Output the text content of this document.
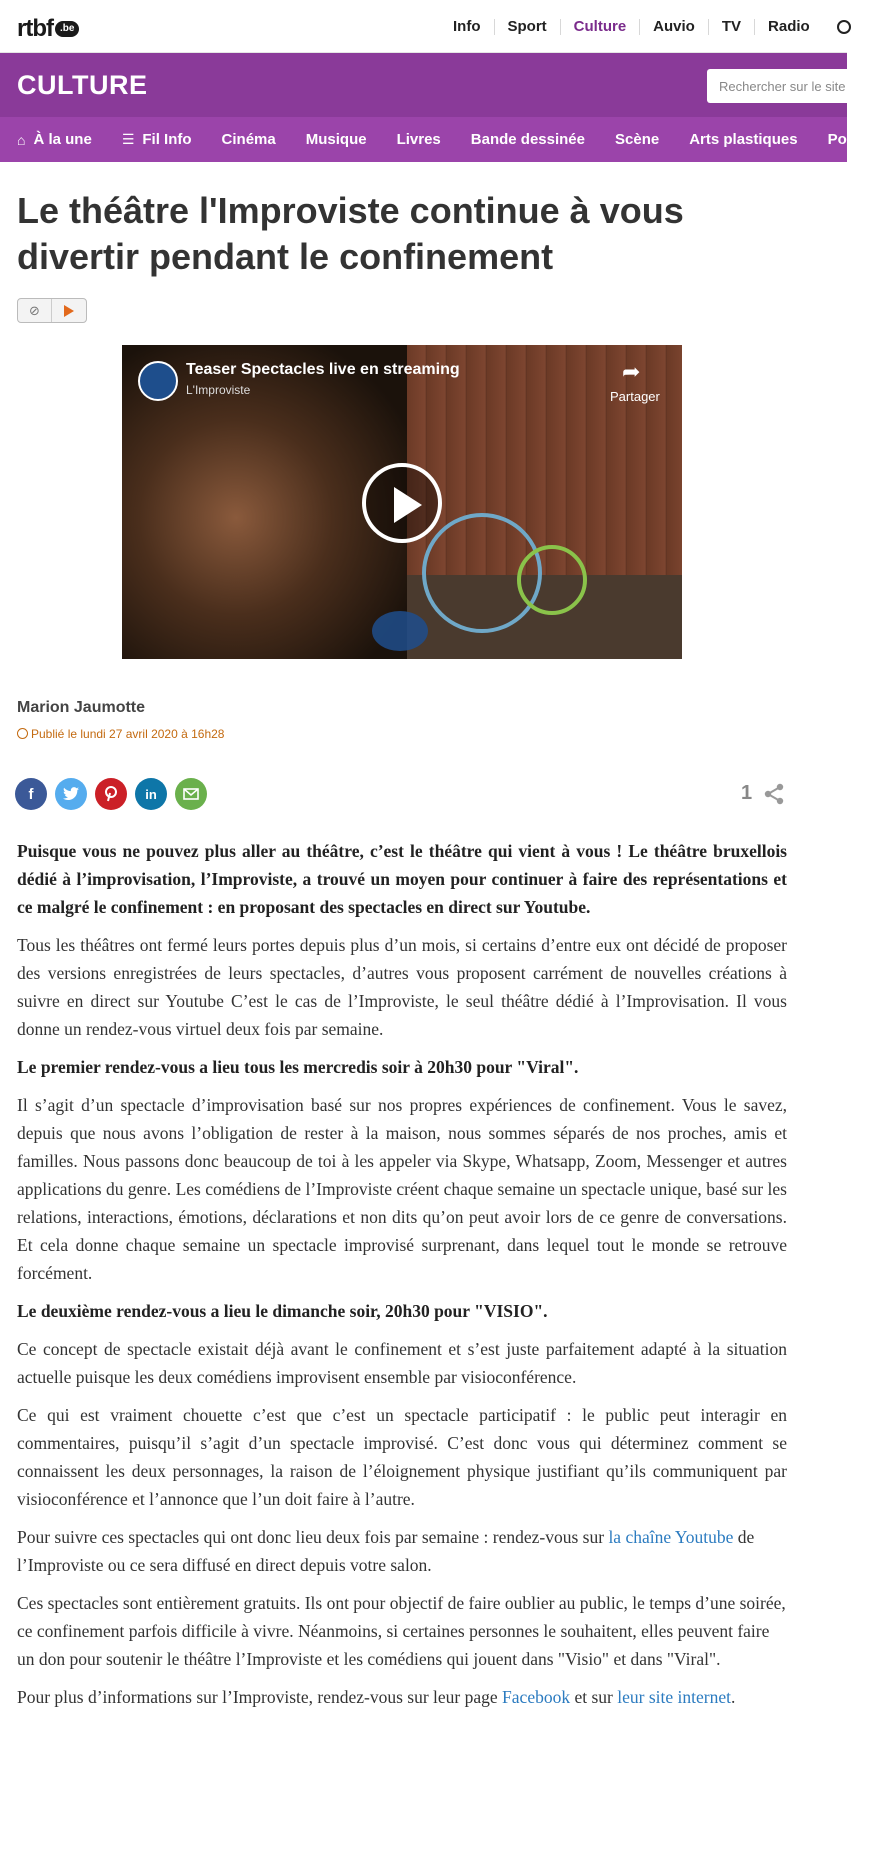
rtbf .be	Info	Sport	Culture	Auvio	TV	Radio
CULTURE
Rechercher sur le site...
⌂ À la une ☰ Fil Info	Cinéma	Musique	Livres	Bande dessinée	Scène	Arts plastiques	Pop-up
Le théâtre l'Improviste continue à vous divertir pendant le confinement
⊘
Teaser Spectacles live en streaming
L'Improviste
➦
Partager
Marion Jaumotte
Publié le lundi 27 avril 2020 à 16h28
f	in	1

Puisque vous ne pouvez plus aller au théâtre, c’est le théâtre qui vient à vous ! Le théâtre bruxellois dédié à l’improvisation, l’Improviste, a trouvé un moyen pour continuer à faire des représentations et ce malgré le confinement : en proposant des spectacles en direct sur Youtube.

Tous les théâtres ont fermé leurs portes depuis plus d’un mois, si certains d’entre eux ont décidé de proposer des versions enregistrées de leurs spectacles, d’autres vous proposent carrément de nouvelles créations à suivre en direct sur Youtube C’est le cas de l’Improviste, le seul théâtre dédié à l’Improvisation. Il vous donne un rendez-vous virtuel deux fois par semaine.

Le premier rendez-vous a lieu tous les mercredis soir à 20h30 pour "Viral".

Il s’agit d’un spectacle d’improvisation basé sur nos propres expériences de confinement. Vous le savez, depuis que nous avons l’obligation de rester à la maison, nous sommes séparés de nos proches, amis et familles. Nous passons donc beaucoup de toi à les appeler via Skype, Whatsapp, Zoom, Messenger et autres applications du genre. Les comédiens de l’Improviste créent chaque semaine un spectacle unique, basé sur les relations, interactions, émotions, déclarations et non dits qu’on peut avoir lors de ce genre de conversations. Et cela donne chaque semaine un spectacle improvisé surprenant, dans lequel tout le monde se retrouve forcément.

Le deuxième rendez-vous a lieu le dimanche soir, 20h30 pour "VISIO".

Ce concept de spectacle existait déjà avant le confinement et s’est juste parfaitement adapté à la situation actuelle puisque les deux comédiens improvisent ensemble par visioconférence.

Ce qui est vraiment chouette c’est que c’est un spectacle participatif : le public peut interagir en commentaires, puisqu’il s’agit d’un spectacle improvisé. C’est donc vous qui déterminez comment se connaissent les deux personnages, la raison de l’éloignement physique justifiant qu’ils communiquent par visioconférence et l’annonce que l’un doit faire à l’autre.

Pour suivre ces spectacles qui ont donc lieu deux fois par semaine : rendez-vous sur la chaîne Youtube de l’Improviste ou ce sera diffusé en direct depuis votre salon.

Ces spectacles sont entièrement gratuits. Ils ont pour objectif de faire oublier au public, le temps d’une soirée, ce confinement parfois difficile à vivre. Néanmoins, si certaines personnes le souhaitent, elles peuvent faire un don pour soutenir le théâtre l’Improviste et les comédiens qui jouent dans "Visio" et dans "Viral".

Pour plus d’informations sur l’Improviste, rendez-vous sur leur page Facebook et sur leur site internet.
